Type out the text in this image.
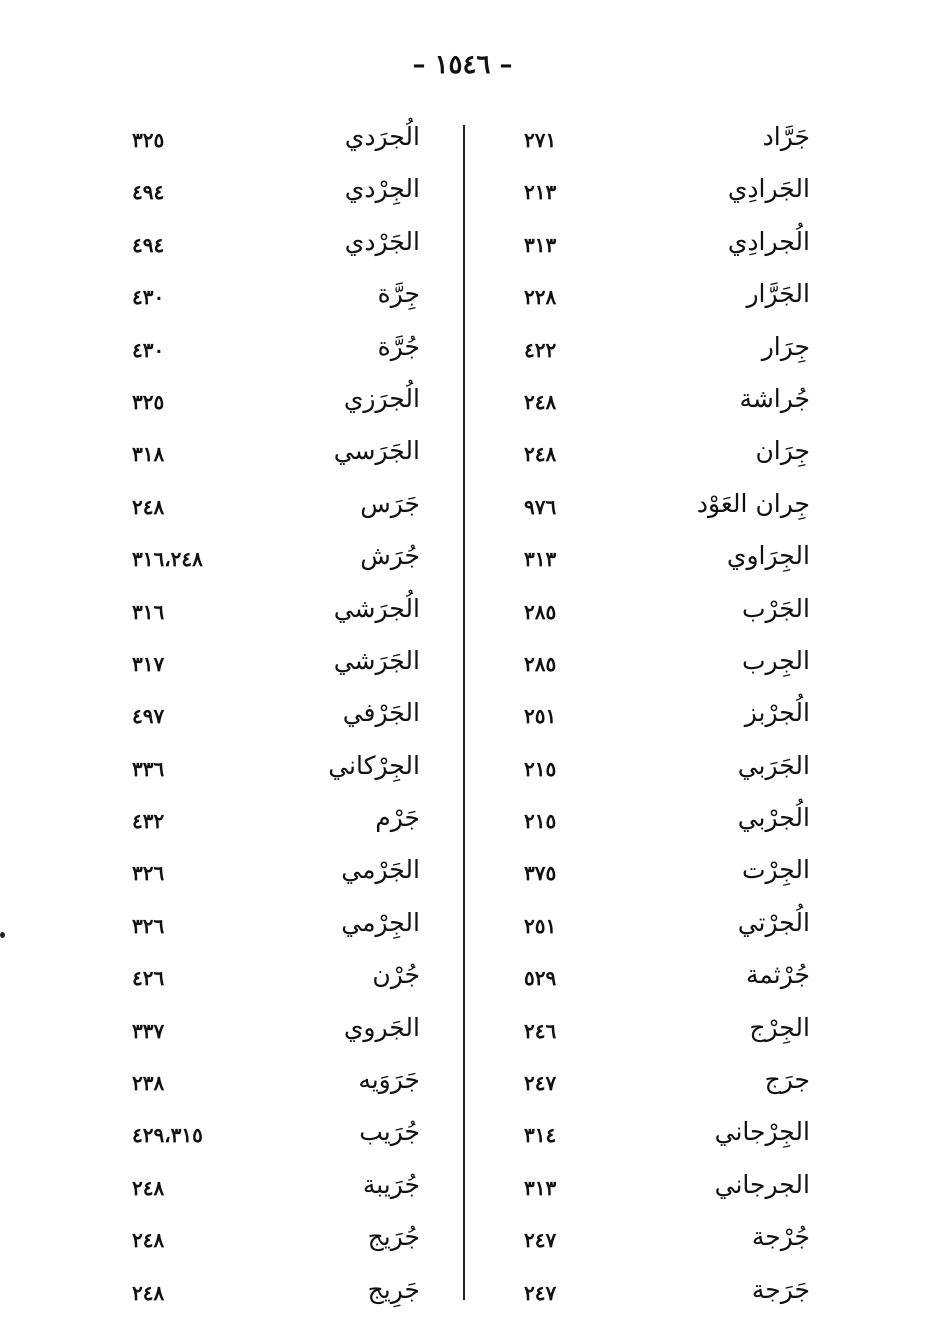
– ١٥٤٦ –
جَرَّاد
٢٧١
الجَرادِي
٢١٣
الُجرادِي
٣١٣
الجَرَّار
٢٢٨
جِرَار
٤٢٢
جُراشة
٢٤٨
جِرَان
٢٤٨
جِران العَوْد
٩٧٦
الجِرَاوي
٣١٣
الجَرْب
٢٨٥
الجِرب
٢٨٥
الُجرْبز
٢٥١
الجَرَبي
٢١٥
الُجرْبي
٢١٥
الجِرْت
٣٧٥
الُجرْتي
٢٥١
جُرْثمة
٥٢٩
الجِرْج
٢٤٦
جرَج
٢٤٧
الجِرْجاني
٣١٤
الجرجاني
٣١٣
جُرْجة
٢٤٧
جَرَجة
٢٤٧
الُجرَدي
٣٢٥
الجِرْدي
٤٩٤
الجَرْدي
٤٩٤
جِرَّة
٤٣٠
جُرَّة
٤٣٠
الُجرَزي
٣٢٥
الجَرَسي
٣١٨
جَرَس
٢٤٨
جُرَش
٣١٦،٢٤٨
الُجرَشي
٣١٦
الجَرَشي
٣١٧
الجَرْفي
٤٩٧
الجِرْكاني
٣٣٦
جَرْم
٤٣٢
الجَرْمي
٣٢٦
الجِرْمي
٣٢٦
جُرْن
٤٢٦
الجَروي
٣٣٧
جَرَوَيه
٢٣٨
جُرَيب
٤٢٩،٣١٥
جُرَيبة
٢٤٨
جُرَيج
٢٤٨
جَرِيج
٢٤٨
